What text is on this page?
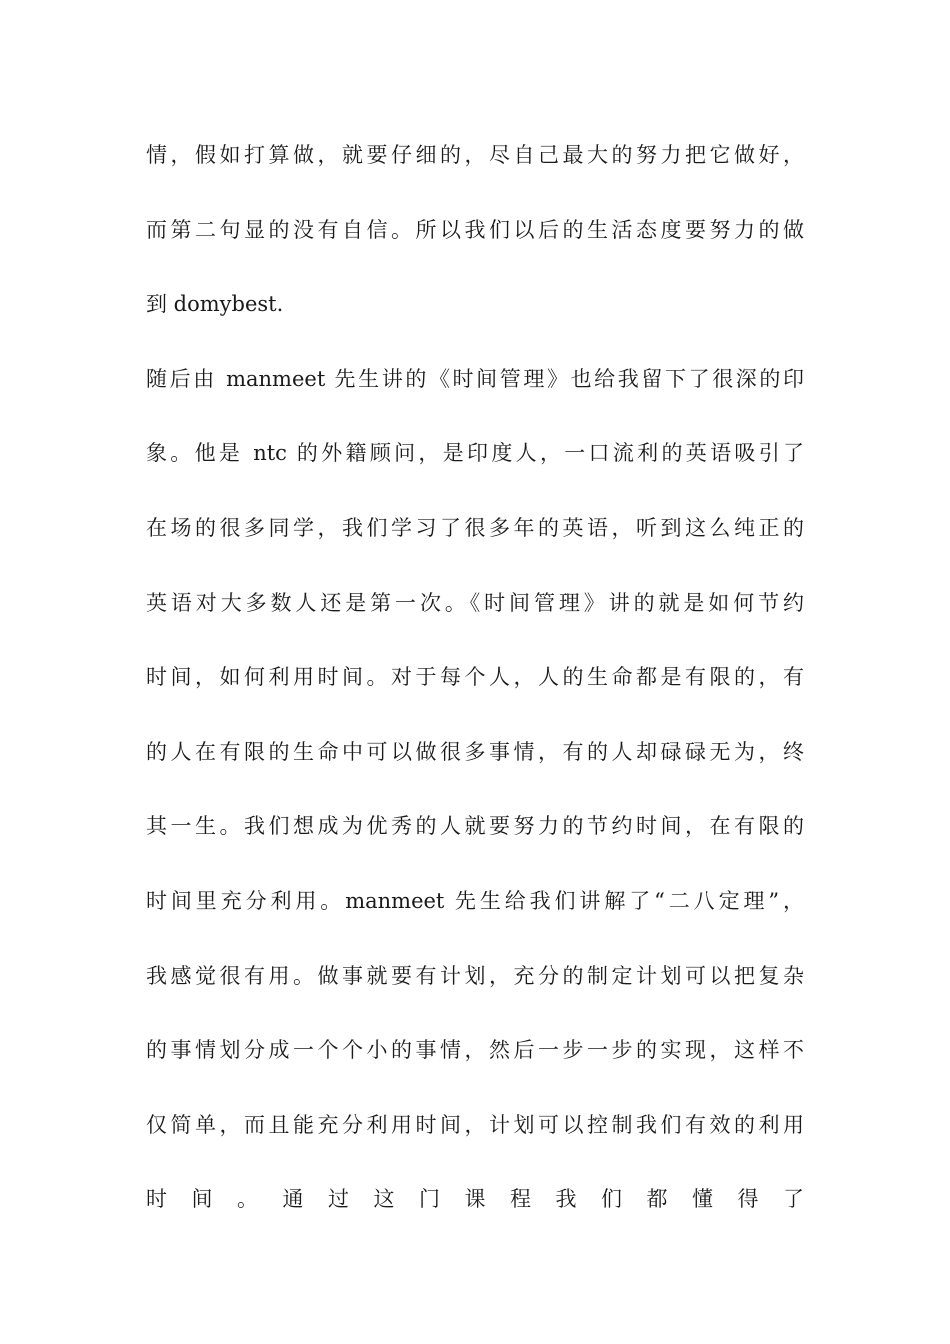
情，假如打算做，就要仔细的，尽自己最大的努力把它做好，
而第二句显的没有自信。所以我们以后的生活态度要努力的做
到 domybest.
随后由 manmeet 先生讲的《时间管理》也给我留下了很深的印
象。他是 ntc 的外籍顾问，是印度人，一口流利的英语吸引了
在场的很多同学，我们学习了很多年的英语，听到这么纯正的
英语对大多数人还是第一次。《时间管理》讲的就是如何节约
时间，如何利用时间。对于每个人，人的生命都是有限的，有
的人在有限的生命中可以做很多事情，有的人却碌碌无为，终
其一生。我们想成为优秀的人就要努力的节约时间，在有限的
时间里充分利用。manmeet 先生给我们讲解了“二八定理”，
我感觉很有用。做事就要有计划，充分的制定计划可以把复杂
的事情划分成一个个小的事情，然后一步一步的实现，这样不
仅简单，而且能充分利用时间，计划可以控制我们有效的利用
时 间 。 通 过 这 门 课 程 我 们 都 懂 得 了
